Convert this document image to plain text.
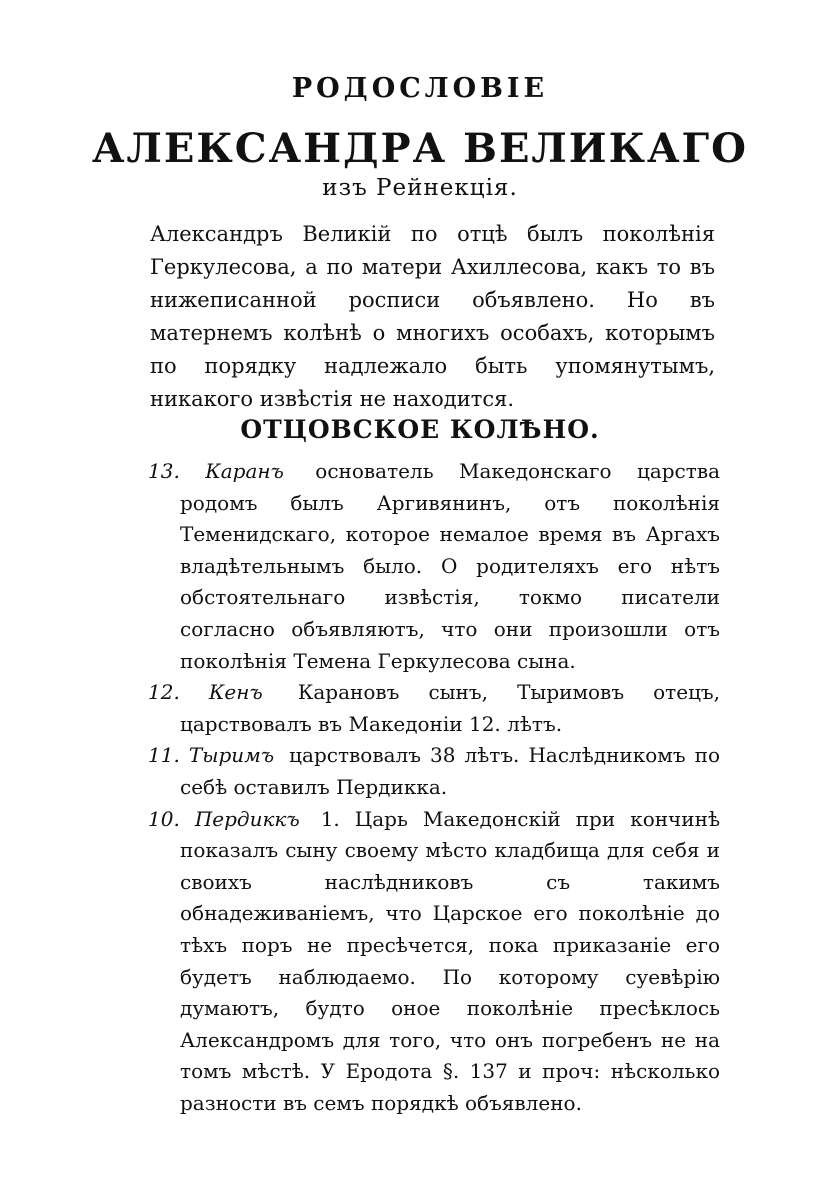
РОДОСЛОВІЕ

АЛЕКСАНДРА ВЕЛИКАГО

изъ Рейнекція.

Александръ Великій по отцѣ былъ поколѣнія Геркулесова, а по матери Ахиллесова, какъ то въ нижеписанной росписи объявлено. Но въ матернемъ колѣнѣ о многихъ особахъ, которымъ по порядку надлежало быть упомянутымъ, никакого извѣстія не находится.

ОТЦОВСКОЕ КОЛѢНО.

13. Каранъ основатель Македонскаго царства родомъ былъ Аргивянинъ, отъ поколѣнія Теменидскаго, которое немалое время въ Аргахъ владѣтельнымъ было. О родителяхъ его нѣтъ обстоятельнаго извѣстія, токмо писатели согласно объявляютъ, что они произошли отъ поколѣнія Темена Геркулесова сына.
12. Кенъ Карановъ сынъ, Тыримовъ отецъ, царствовалъ въ Македоніи 12. лѣтъ.
11. Тыримъ царствовалъ 38 лѣтъ. Наслѣдникомъ по себѣ оставилъ Пердикка.
10. Пердиккъ 1. Царь Македонскій при кончинѣ показалъ сыну своему мѣсто кладбища для себя и своихъ наслѣдниковъ съ такимъ обнадеживаніемъ, что Царское его поколѣніе до тѣхъ поръ не пресѣчется, пока приказаніе его будетъ наблюдаемо. По которому суевѣрію думаютъ, будто оное поколѣніе пресѣклось Александромъ для того, что онъ погребенъ не на томъ мѣстѣ. У Еродота §. 137 и проч: нѣсколько разности въ семъ порядкѣ объявлено.
